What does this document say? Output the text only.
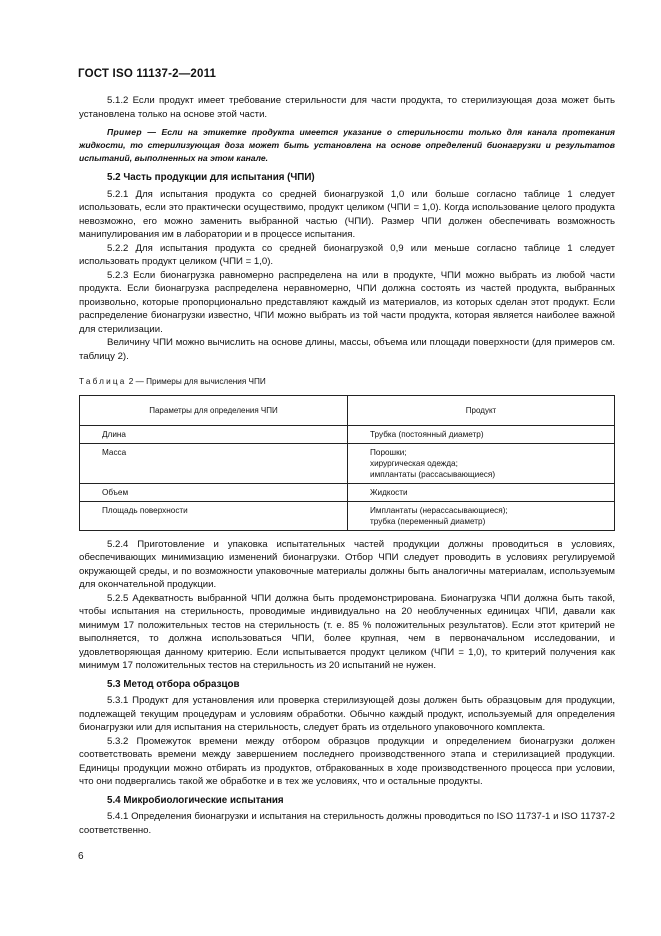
ГОСТ ISO 11137-2—2011

5.1.2 Если продукт имеет требование стерильности для части продукта, то стерилизующая доза может быть установлена только на основе этой части.

Пример — Если на этикетке продукта имеется указание о стерильности только для канала протекания жидкости, то стерилизующая доза может быть установлена на основе определений бионагрузки и результатов испытаний, выполненных на этом канале.

5.2 Часть продукции для испытания (ЧПИ)

5.2.1 Для испытания продукта со средней бионагрузкой 1,0 или больше согласно таблице 1 следует использовать, если это практически осуществимо, продукт целиком (ЧПИ = 1,0). Когда использование целого продукта невозможно, его можно заменить выбранной частью (ЧПИ). Размер ЧПИ должен обеспечивать возможность манипулирования им в лаборатории и в процессе испытания.

5.2.2 Для испытания продукта со средней бионагрузкой 0,9 или меньше согласно таблице 1 следует использовать продукт целиком (ЧПИ = 1,0).

5.2.3 Если бионагрузка равномерно распределена на или в продукте, ЧПИ можно выбрать из любой части продукта. Если бионагрузка распределена неравномерно, ЧПИ должна состоять из частей продукта, выбранных произвольно, которые пропорционально представляют каждый из материалов, из которых сделан этот продукт. Если распределение бионагрузки известно, ЧПИ можно выбрать из той части продукта, которая является наиболее важной для стерилизации.

Величину ЧПИ можно вычислить на основе длины, массы, объема или площади поверхности (для примеров см. таблицу 2).

Таблица 2 — Примеры для вычисления ЧПИ
Параметры для определения ЧПИ	Продукт
Длина	Трубка (постоянный диаметр)

Масса	Порошки;
хирургическая одежда;
имплантаты (рассасывающиеся)

Объем	Жидкости

Площадь поверхности	Имплантаты (нерассасывающиеся);
трубка (переменный диаметр)

5.2.4 Приготовление и упаковка испытательных частей продукции должны проводиться в условиях, обеспечивающих минимизацию изменений бионагрузки. Отбор ЧПИ следует проводить в условиях регулируемой окружающей среды, и по возможности упаковочные материалы должны быть аналогичны материалам, используемым для окончательной продукции.

5.2.5 Адекватность выбранной ЧПИ должна быть продемонстрирована. Бионагрузка ЧПИ должна быть такой, чтобы испытания на стерильность, проводимые индивидуально на 20 необлученных единицах ЧПИ, давали как минимум 17 положительных тестов на стерильность (т. е. 85 % положительных результатов). Если этот критерий не выполняется, то должна использоваться ЧПИ, более крупная, чем в первоначальном исследовании, и удовлетворяющая данному критерию. Если испытывается продукт целиком (ЧПИ = 1,0), то критерий получения как минимум 17 положительных тестов на стерильность из 20 испытаний не нужен.

5.3 Метод отбора образцов

5.3.1 Продукт для установления или проверка стерилизующей дозы должен быть образцовым для продукции, подлежащей текущим процедурам и условиям обработки. Обычно каждый продукт, используемый для определения бионагрузки или для испытания на стерильность, следует брать из отдельного упаковочного комплекта.

5.3.2 Промежуток времени между отбором образцов продукции и определением бионагрузки должен соответствовать времени между завершением последнего производственного этапа и стерилизацией продукции. Единицы продукции можно отбирать из продуктов, отбракованных в ходе производственного процесса при условии, что они подвергались такой же обработке и в тех же условиях, что и остальные продукты.

5.4 Микробиологические испытания

5.4.1 Определения бионагрузки и испытания на стерильность должны проводиться по ISO 11737-1 и ISO 11737-2 соответственно.

6
